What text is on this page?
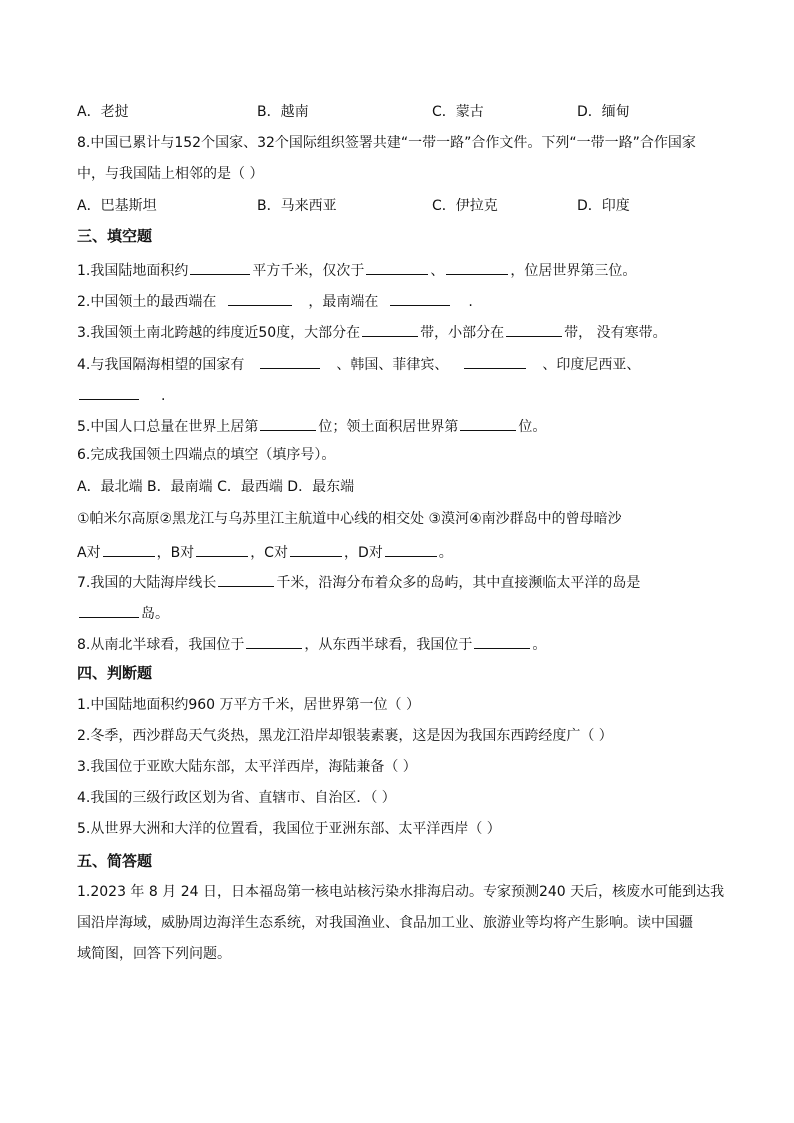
A．老挝	B．越南	C．蒙古	D．缅甸
8.中国已累计与152个国家、32个国际组织签署共建“一带一路”合作文件。下列“一带一路”合作国家
中，与我国陆上相邻的是（ ）
A．巴基斯坦	B．马来西亚	C．伊拉克	D．印度
三、填空题
1.我国陆地面积约	平方千米，仅次于	、	，位居世界第三位。
2.中国领土的最西端在	，最南端在	.
3.我国领土南北跨越的纬度近50度，大部分在	带，小部分在	带， 没有寒带。
4.与我国隔海相望的国家有	、韩国、菲律宾、	、印度尼西亚、
.
5.中国人口总量在世界上居第	位；领土面积居世界第	位。
6.完成我国领土四端点的填空（填序号）。
A．最北端 B．最南端 C．最西端 D．最东端
①帕米尔高原②黑龙江与乌苏里江主航道中心线的相交处 ③漠河④南沙群岛中的曾母暗沙
A对	，B对	，C对	，D对	。
7.我国的大陆海岸线长	千米，沿海分布着众多的岛屿，其中直接濒临太平洋的岛是
岛。
8.从南北半球看，我国位于	，从东西半球看，我国位于	。
四、判断题
1.中国陆地面积约960 万平方千米，居世界第一位（ ）
2.冬季，西沙群岛天气炎热，黑龙江沿岸却银装素裹，这是因为我国东西跨经度广（ ）
3.我国位于亚欧大陆东部，太平洋西岸，海陆兼备（ ）
4.我国的三级行政区划为省、直辖市、自治区．（ ）
5.从世界大洲和大洋的位置看，我国位于亚洲东部、太平洋西岸（ ）
五、简答题
1.2023 年 8 月 24 日，日本福岛第一核电站核污染水排海启动。专家预测240 天后，核废水可能到达我
国沿岸海域，威胁周边海洋生态系统，对我国渔业、食品加工业、旅游业等均将产生影响。读中国疆
域简图，回答下列问题。
